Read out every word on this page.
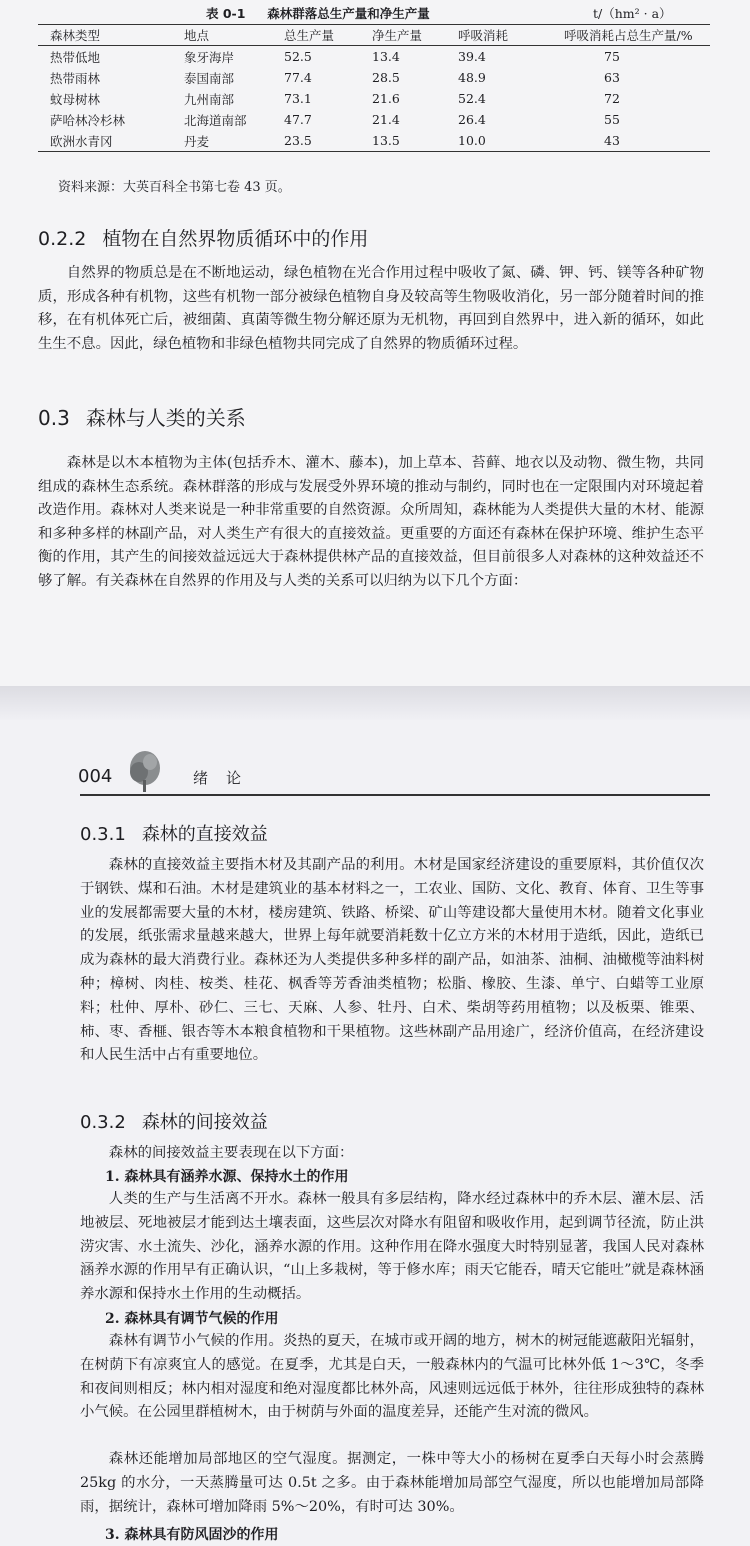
表 0-1 森林群落总生产量和净生产量	t/（hm² · a）
森林类型	地点	总生产量	净生产量	呼吸消耗	呼吸消耗占总生产量/%
热带低地	象牙海岸	52.5	13.4	39.4	75
热带雨林	泰国南部	77.4	28.5	48.9	63
蚊母树林	九州南部	73.1	21.6	52.4	72
萨哈林冷杉林	北海道南部	47.7	21.4	26.4	55
欧洲水青冈	丹麦	23.5	13.5	10.0	43
资料来源：大英百科全书第七卷 43 页。
0.2.2 植物在自然界物质循环中的作用

自然界的物质总是在不断地运动，绿色植物在光合作用过程中吸收了氮、磷、钾、钙、镁等各种矿物质，形成各种有机物，这些有机物一部分被绿色植物自身及较高等生物吸收消化，另一部分随着时间的推移，在有机体死亡后，被细菌、真菌等微生物分解还原为无机物，再回到自然界中，进入新的循环，如此生生不息。因此，绿色植物和非绿色植物共同完成了自然界的物质循环过程。

0.3 森林与人类的关系

森林是以木本植物为主体(包括乔木、灌木、藤本)，加上草本、苔藓、地衣以及动物、微生物，共同组成的森林生态系统。森林群落的形成与发展受外界环境的推动与制约，同时也在一定限围内对环境起着改造作用。森林对人类来说是一种非常重要的自然资源。众所周知，森林能为人类提供大量的木材、能源和多种多样的林副产品，对人类生产有很大的直接效益。更重要的方面还有森林在保护环境、维护生态平衡的作用，其产生的间接效益远远大于森林提供林产品的直接效益，但目前很多人对森林的这种效益还不够了解。有关森林在自然界的作用及与人类的关系可以归纳为以下几个方面：

004	绪论
0.3.1 森林的直接效益

森林的直接效益主要指木材及其副产品的利用。木材是国家经济建设的重要原料，其价值仅次于钢铁、煤和石油。木材是建筑业的基本材料之一，工农业、国防、文化、教育、体育、卫生等事业的发展都需要大量的木材，楼房建筑、铁路、桥梁、矿山等建设都大量使用木材。随着文化事业的发展，纸张需求量越来越大，世界上每年就要消耗数十亿立方米的木材用于造纸，因此，造纸已成为森林的最大消费行业。森林还为人类提供多种多样的副产品，如油茶、油桐、油橄榄等油料树种；樟树、肉桂、桉类、桂花、枫香等芳香油类植物；松脂、橡胶、生漆、单宁、白蜡等工业原料；杜仲、厚朴、砂仁、三七、天麻、人参、牡丹、白术、柴胡等药用植物；以及板栗、锥栗、柿、枣、香榧、银杏等木本粮食植物和干果植物。这些林副产品用途广，经济价值高，在经济建设和人民生活中占有重要地位。

0.3.2 森林的间接效益

森林的间接效益主要表现在以下方面：

1. 森林具有涵养水源、保持水土的作用

人类的生产与生活离不开水。森林一般具有多层结构，降水经过森林中的乔木层、灌木层、活地被层、死地被层才能到达土壤表面，这些层次对降水有阻留和吸收作用，起到调节径流，防止洪涝灾害、水土流失、沙化，涵养水源的作用。这种作用在降水强度大时特别显著，我国人民对森林涵养水源的作用早有正确认识，“山上多栽树，等于修水库；雨天它能吞，晴天它能吐”就是森林涵养水源和保持水土作用的生动概括。

2. 森林具有调节气候的作用

森林有调节小气候的作用。炎热的夏天，在城市或开阔的地方，树木的树冠能遮蔽阳光辐射，在树荫下有凉爽宜人的感觉。在夏季，尤其是白天，一般森林内的气温可比林外低 1～3℃，冬季和夜间则相反；林内相对湿度和绝对湿度都比林外高，风速则远远低于林外，往往形成独特的森林小气候。在公园里群植树木，由于树荫与外面的温度差异，还能产生对流的微风。

森林还能增加局部地区的空气湿度。据测定，一株中等大小的杨树在夏季白天每小时会蒸腾 25kg 的水分，一天蒸腾量可达 0.5t 之多。由于森林能增加局部空气湿度，所以也能增加局部降雨，据统计，森林可增加降雨 5%～20%，有时可达 30%。

3. 森林具有防风固沙的作用
